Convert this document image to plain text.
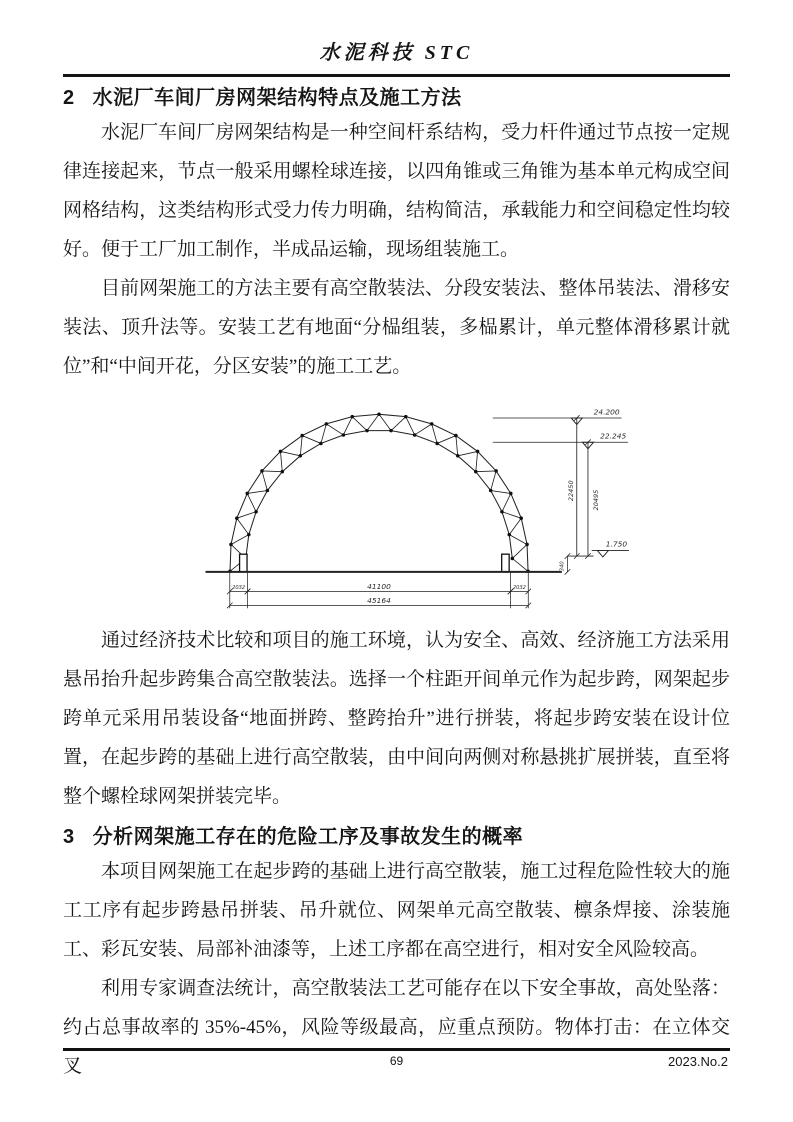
水泥科技 STC
2 水泥厂车间厂房网架结构特点及施工方法

水泥厂车间厂房网架结构是一种空间杆系结构，受力杆件通过节点按一定规律连接起来，节点一般采用螺栓球连接，以四角锥或三角锥为基本单元构成空间网格结构，这类结构形式受力传力明确，结构简洁，承载能力和空间稳定性均较好。便于工厂加工制作，半成品运输，现场组装施工。

目前网架施工的方法主要有高空散装法、分段安装法、整体吊装法、滑移安装法、顶升法等。安装工艺有地面“分榀组装，多榀累计，单元整体滑移累计就位”和“中间开花，分区安装”的施工工艺。

2032	41100	2032
45164
24.200
22.245
22450 20495
1.750
340

通过经济技术比较和项目的施工环境，认为安全、高效、经济施工方法采用悬吊抬升起步跨集合高空散装法。选择一个柱距开间单元作为起步跨，网架起步跨单元采用吊装设备“地面拼跨、整跨抬升”进行拼装，将起步跨安装在设计位置，在起步跨的基础上进行高空散装，由中间向两侧对称悬挑扩展拼装，直至将整个螺栓球网架拼装完毕。

3 分析网架施工存在的危险工序及事故发生的概率

本项目网架施工在起步跨的基础上进行高空散装，施工过程危险性较大的施工工序有起步跨悬吊拼装、吊升就位、网架单元高空散装、檩条焊接、涂装施工、彩瓦安装、局部补油漆等，上述工序都在高空进行，相对安全风险较高。

利用专家调查法统计，高空散装法工艺可能存在以下安全事故，高处坠落：约占总事故率的 35%-45%，风险等级最高，应重点预防。物体打击：在立体交叉	69	2023.No.2
